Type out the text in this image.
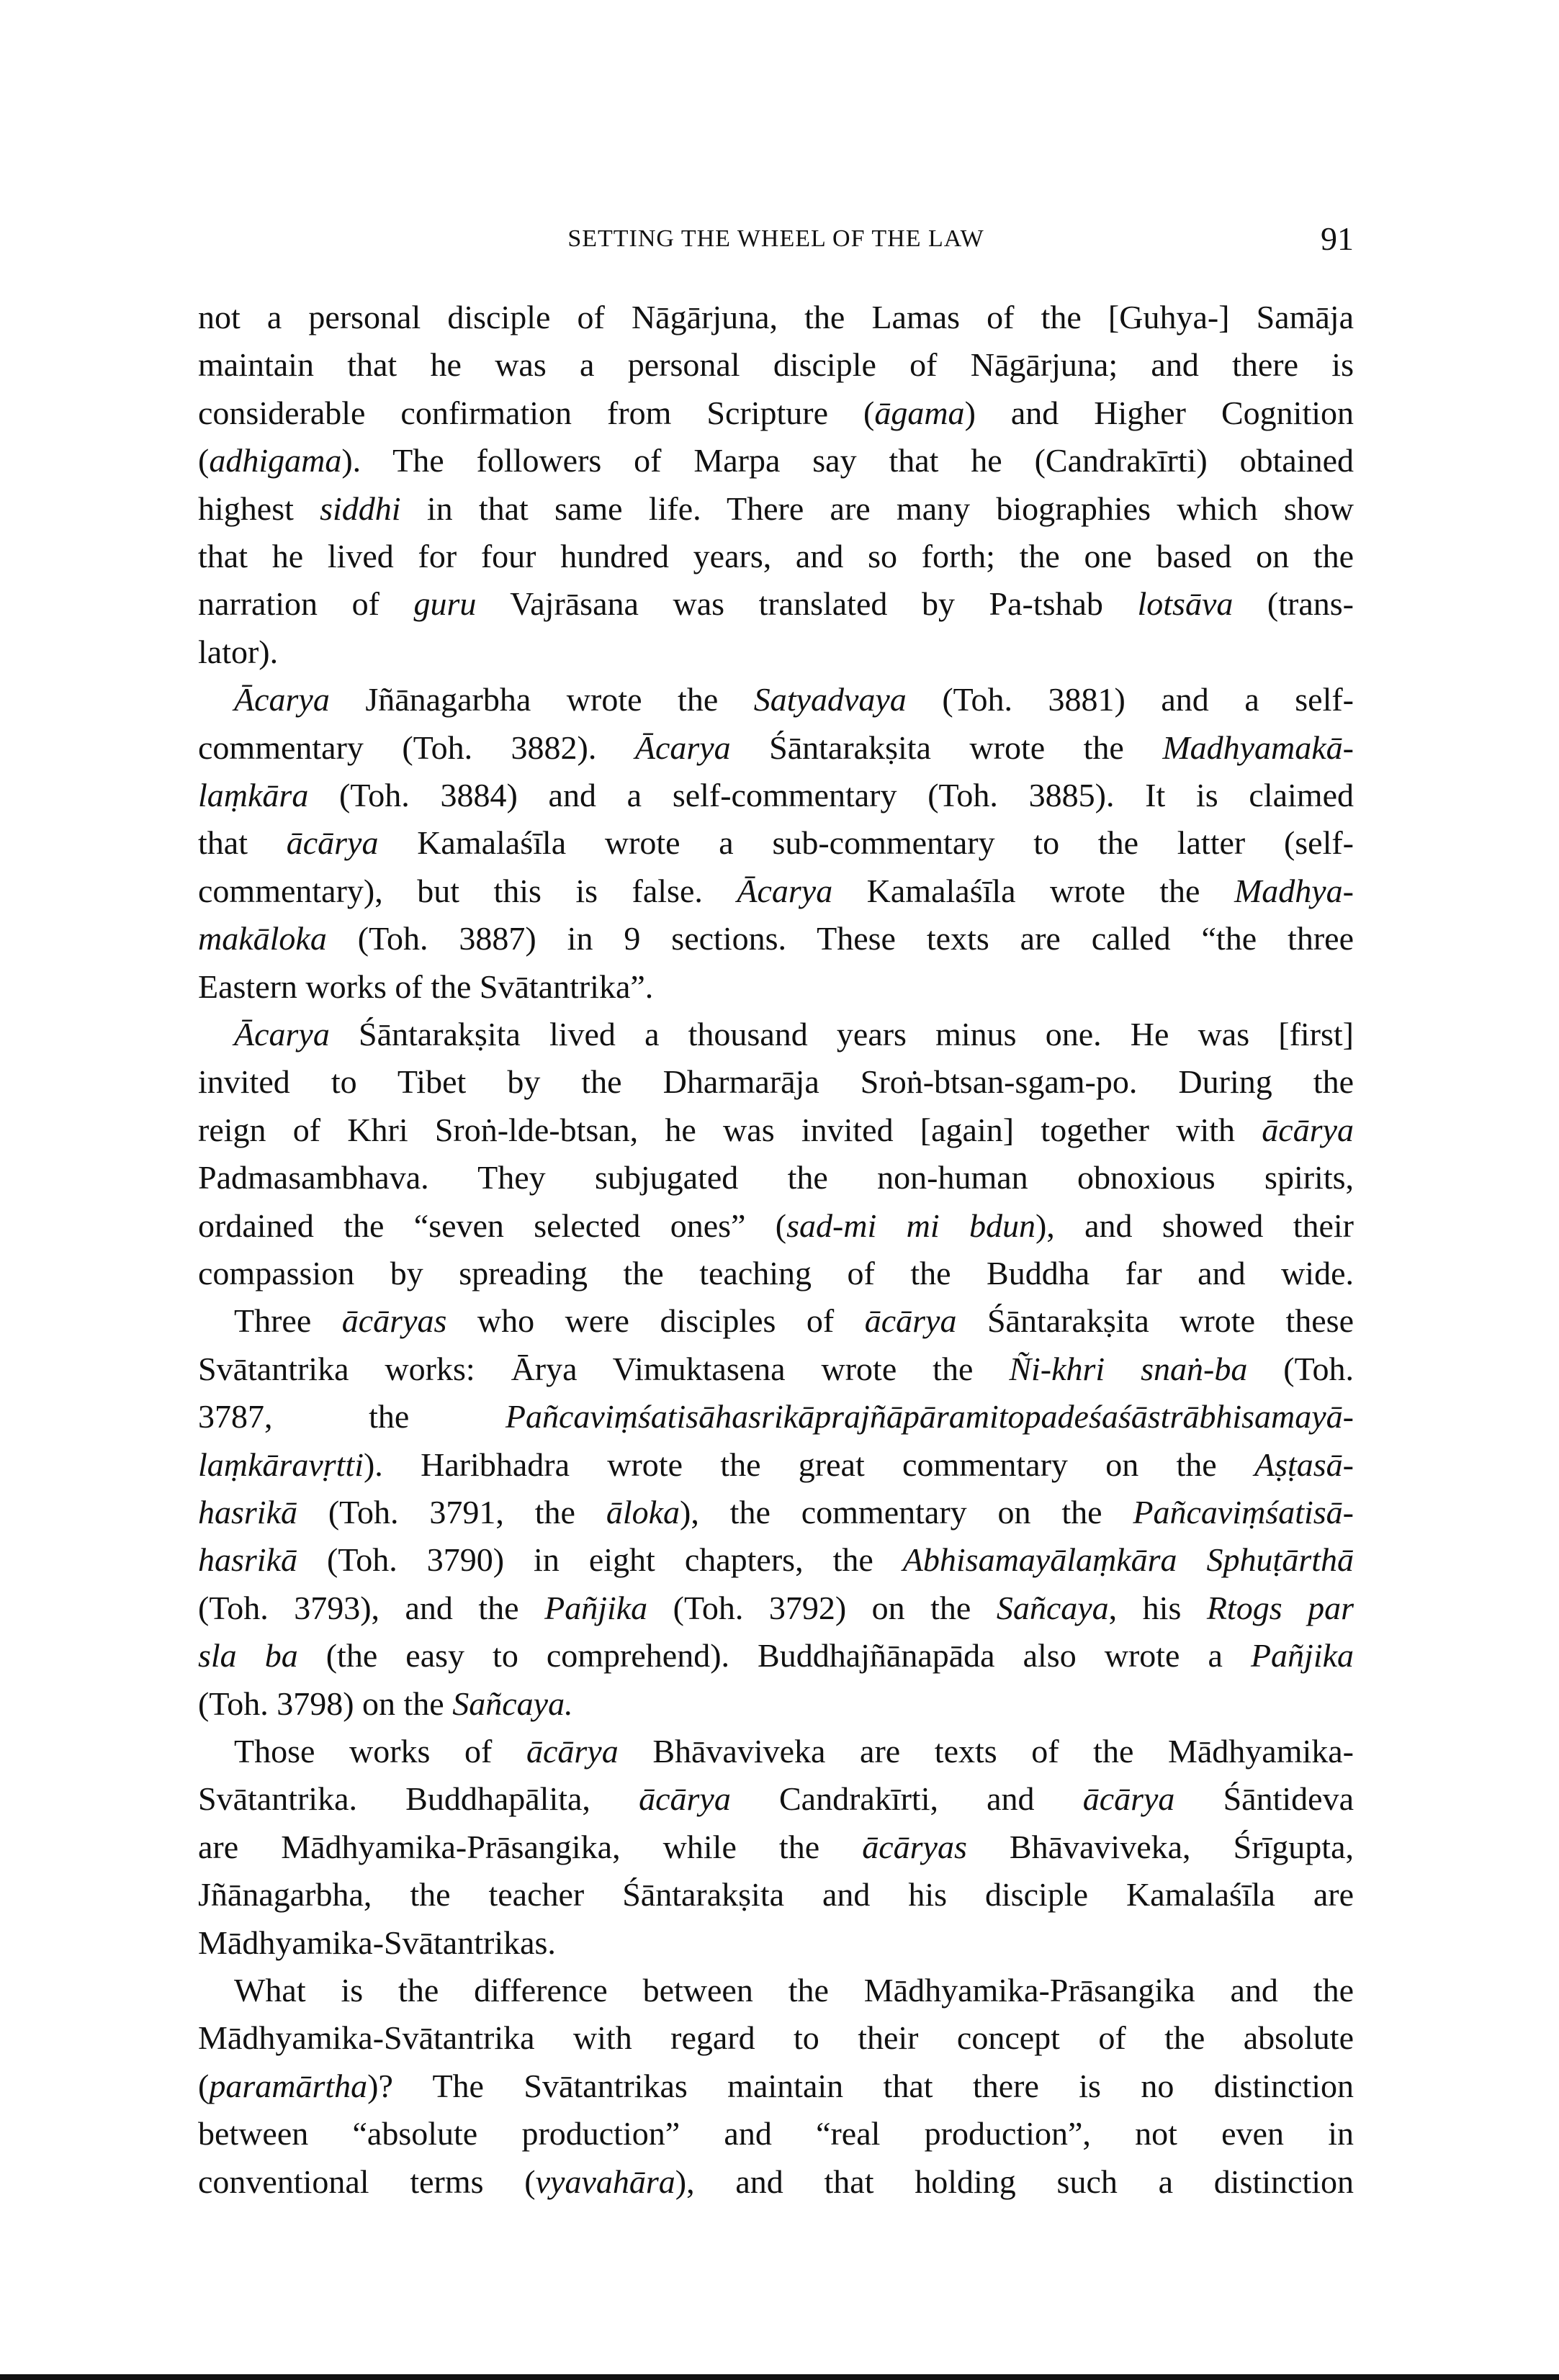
SETTING THE WHEEL OF THE LAW	91
not a personal disciple of Nāgārjuna, the Lamas of the [Guhya-] Samāja
maintain that he was a personal disciple of Nāgārjuna; and there is
considerable confirmation from Scripture (āgama) and Higher Cognition
(adhigama). The followers of Marpa say that he (Candrakīrti) obtained
highest siddhi in that same life. There are many biographies which show
that he lived for four hundred years, and so forth; the one based on the
narration of guru Vajrāsana was translated by Pa-tshab lotsāva (trans-
lator).
Ācarya Jñānagarbha wrote the Satyadvaya (Toh. 3881) and a self-
commentary (Toh. 3882). Ācarya Śāntarakṣita wrote the Madhyamakā-
laṃkāra (Toh. 3884) and a self-commentary (Toh. 3885). It is claimed
that ācārya Kamalaśīla wrote a sub-commentary to the latter (self-
commentary), but this is false. Ācarya Kamalaśīla wrote the Madhya-
makāloka (Toh. 3887) in 9 sections. These texts are called “the three
Eastern works of the Svātantrika”.
Ācarya Śāntarakṣita lived a thousand years minus one. He was [first]
invited to Tibet by the Dharmarāja Sroṅ-btsan-sgam-po. During the
reign of Khri Sroṅ-lde-btsan, he was invited [again] together with ācārya
Padmasambhava. They subjugated the non-human obnoxious spirits,
ordained the “seven selected ones” (sad-mi mi bdun), and showed their
compassion by spreading the teaching of the Buddha far and wide.
Three ācāryas who were disciples of ācārya Śāntarakṣita wrote these
Svātantrika works: Ārya Vimuktasena wrote the Ñi-khri snaṅ-ba (Toh.
3787, the Pañcaviṃśatisāhasrikāprajñāpāramitopadeśaśāstrābhisamayā-
laṃkāravṛtti). Haribhadra wrote the great commentary on the Aṣṭasā-
hasrikā (Toh. 3791, the āloka), the commentary on the Pañcaviṃśatisā-
hasrikā (Toh. 3790) in eight chapters, the Abhisamayālaṃkāra Sphuṭārthā
(Toh. 3793), and the Pañjika (Toh. 3792) on the Sañcaya, his Rtogs par
sla ba (the easy to comprehend). Buddhajñānapāda also wrote a Pañjika
(Toh. 3798) on the Sañcaya.
Those works of ācārya Bhāvaviveka are texts of the Mādhyamika-
Svātantrika. Buddhapālita, ācārya Candrakīrti, and ācārya Śāntideva
are Mādhyamika-Prāsangika, while the ācāryas Bhāvaviveka, Śrīgupta,
Jñānagarbha, the teacher Śāntarakṣita and his disciple Kamalaśīla are
Mādhyamika-Svātantrikas.
What is the difference between the Mādhyamika-Prāsangika and the
Mādhyamika-Svātantrika with regard to their concept of the absolute
(paramārtha)? The Svātantrikas maintain that there is no distinction
between “absolute production” and “real production”, not even in
conventional terms (vyavahāra), and that holding such a distinction
